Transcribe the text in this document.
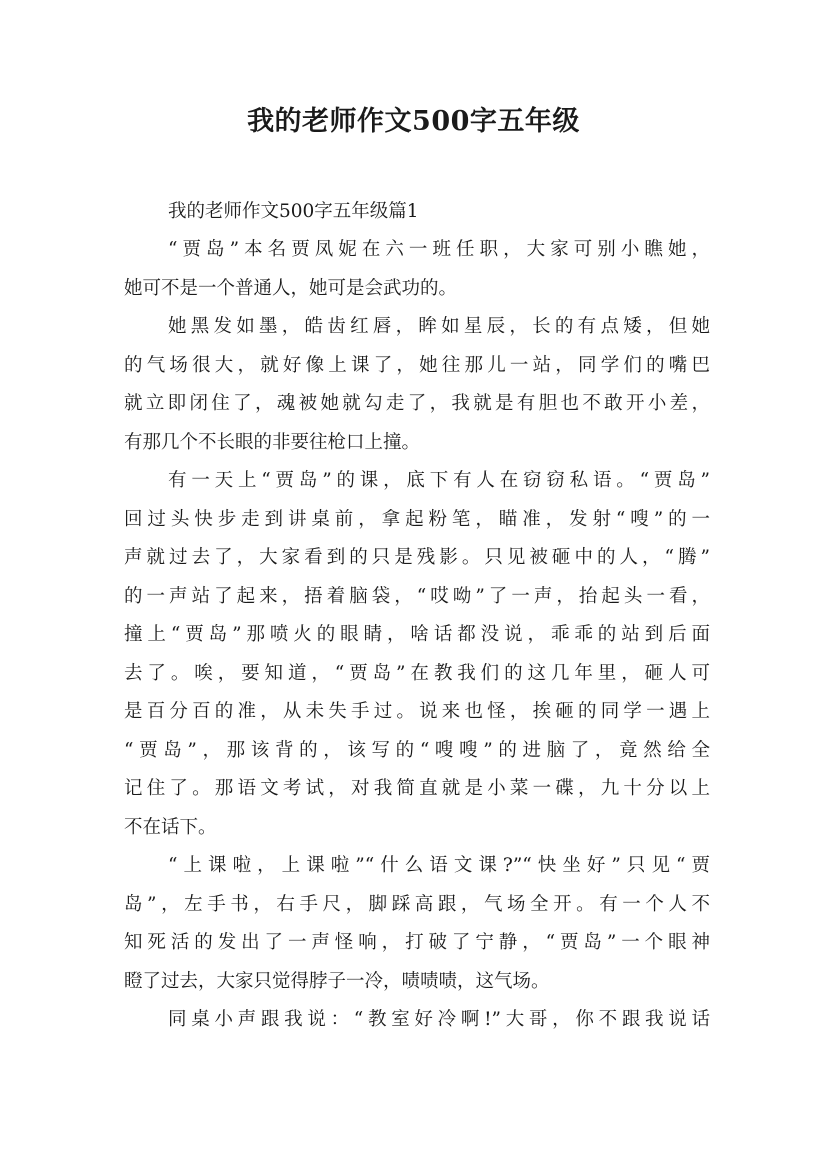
我的老师作文500字五年级
我的老师作文500字五年级篇1
“贾岛”本名贾凤妮在六一班任职，大家可别小瞧她，
她可不是一个普通人，她可是会武功的。
她黑发如墨，皓齿红唇，眸如星辰，长的有点矮，但她
的气场很大，就好像上课了，她往那儿一站，同学们的嘴巴
就立即闭住了，魂被她就勾走了，我就是有胆也不敢开小差，
有那几个不长眼的非要往枪口上撞。
有一天上“贾岛”的课，底下有人在窃窃私语。“贾岛”
回过头快步走到讲桌前，拿起粉笔，瞄准，发射“嗖”的一
声就过去了，大家看到的只是残影。只见被砸中的人，“腾”
的一声站了起来，捂着脑袋，“哎呦”了一声，抬起头一看，
撞上“贾岛”那喷火的眼睛，啥话都没说，乖乖的站到后面
去了。唉，要知道，“贾岛”在教我们的这几年里，砸人可
是百分百的准，从未失手过。说来也怪，挨砸的同学一遇上
“贾岛”，那该背的，该写的“嗖嗖”的进脑了，竟然给全
记住了。那语文考试，对我简直就是小菜一碟，九十分以上
不在话下。
“上课啦，上课啦”“什么语文课?”“快坐好”只见“贾
岛”，左手书，右手尺，脚踩高跟，气场全开。有一个人不
知死活的发出了一声怪响，打破了宁静，“贾岛”一个眼神
瞪了过去，大家只觉得脖子一冷，啧啧啧，这气场。
同桌小声跟我说：“教室好冷啊!”大哥，你不跟我说话
